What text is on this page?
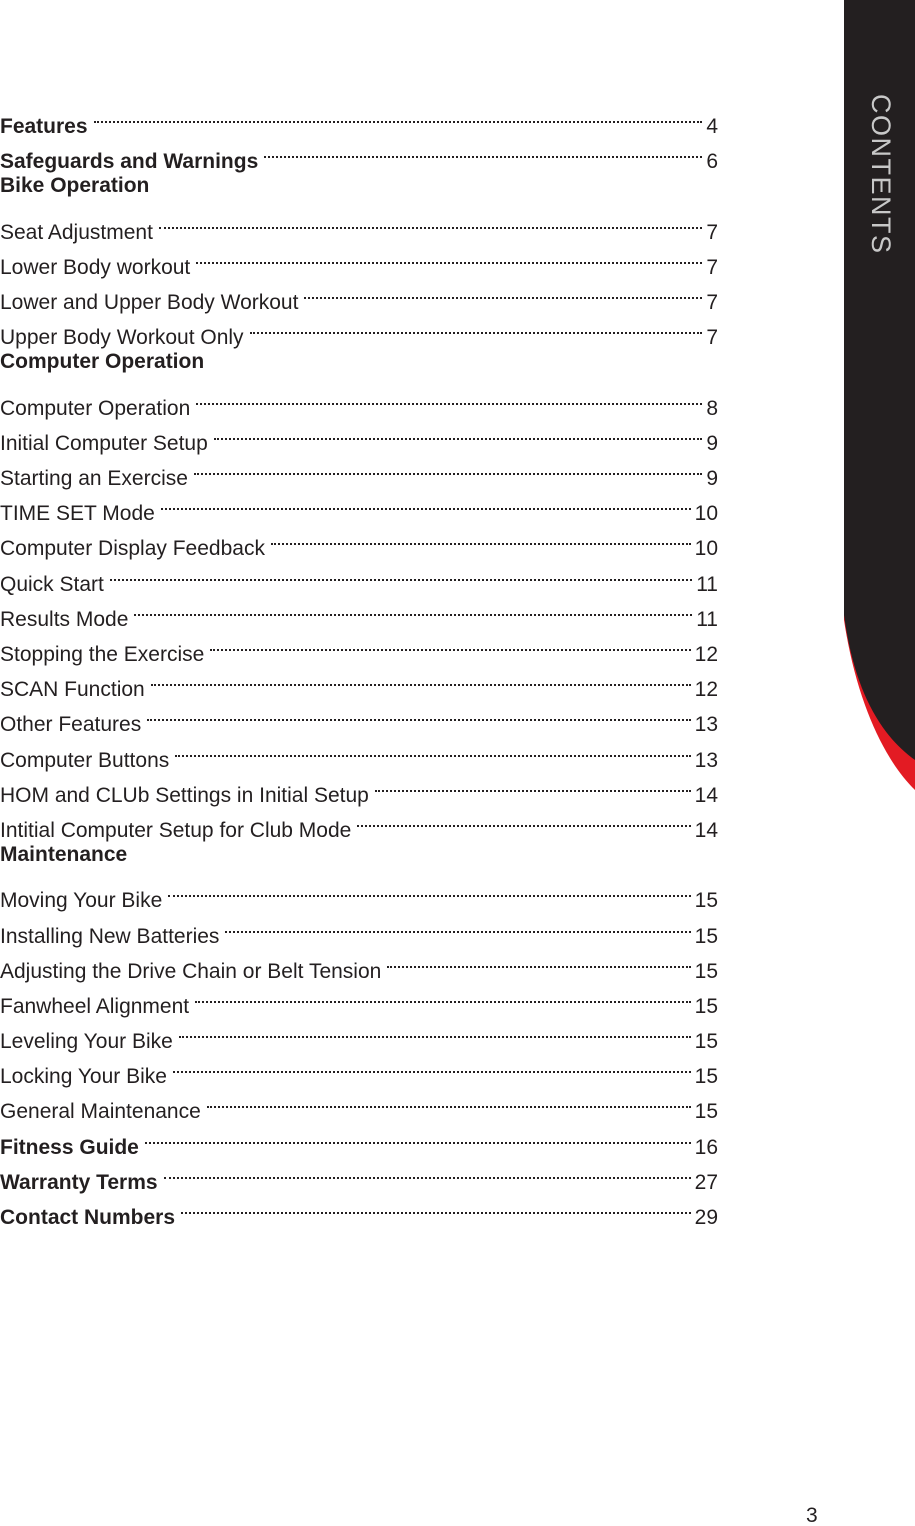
CONTENTS
Features	4
Safeguards and Warnings	6
Bike Operation
Seat Adjustment	7
Lower Body workout	7
Lower and Upper Body Workout	7
Upper Body Workout Only	7
Computer Operation
Computer Operation	8
Initial Computer Setup	9
Starting an Exercise	9
TIME SET Mode	10
Computer Display Feedback	10
Quick Start	11
Results Mode	11
Stopping the Exercise	12
SCAN Function	12
Other Features	13
Computer Buttons	13
HOM and CLUb Settings in Initial Setup	14
Intitial Computer Setup for Club Mode	14
Maintenance
Moving Your Bike	15
Installing New Batteries	15
Adjusting the Drive Chain or Belt Tension	15
Fanwheel Alignment	15
Leveling Your Bike	15
Locking Your Bike	15
General Maintenance	15
Fitness Guide	16
Warranty Terms	27
Contact Numbers	29
3
